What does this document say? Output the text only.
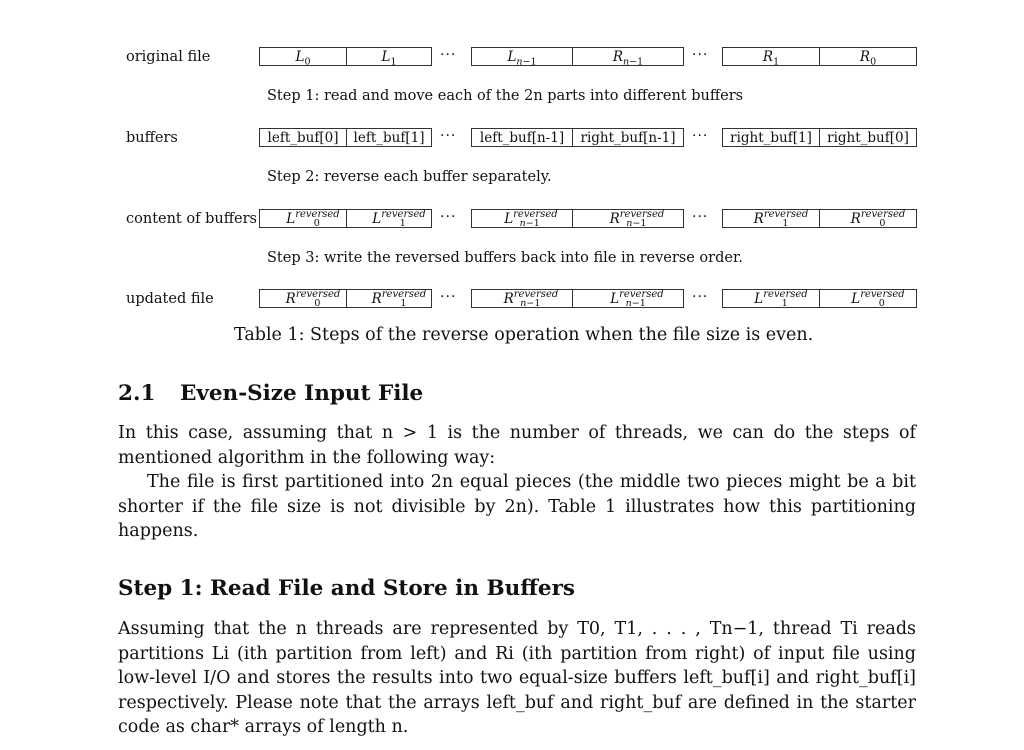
original file	$L_0$	$L_1$	···	$L_{n-1}$	$R_{n-1}$	···	$R_1$	$R_0$
Step 1: read and move each of the 2n parts into different buffers
buffers	left_buf[0]	left_buf[1]	···	left_buf[n-1]	right_buf[n-1]	···	right_buf[1]	right_buf[0]
Step 2: reverse each buffer separately.
content of buffers	$L^{reversed}_0$	$L^{reversed}_1$	···	$L^{reversed}_{n-1}$	$R^{reversed}_{n-1}$	···	$R^{reversed}_1$	$R^{reversed}_0$
Step 3: write the reversed buffers back into file in reverse order.
updated file	$R^{reversed}_0$	$R^{reversed}_1$	···	$R^{reversed}_{n-1}$	$L^{reversed}_{n-1}$	···	$L^{reversed}_1$	$L^{reversed}_0$
Table 1: Steps of the reverse operation when the file size is even.
2.1 Even-Size Input File
In this case, assuming that n > 1 is the number of threads, we can do the steps of mentioned algorithm in the following way:
The file is first partitioned into 2n equal pieces (the middle two pieces might be a bit shorter if the file size is not divisible by 2n). Table 1 illustrates how this partitioning happens.
Step 1: Read File and Store in Buffers
Assuming that the n threads are represented by T0, T1, . . . , Tn−1, thread Ti reads partitions Li (ith partition from left) and Ri (ith partition from right) of input file using low-level I/O and stores the results into two equal-size buffers left_buf[i] and right_buf[i] respectively. Please note that the arrays left_buf and right_buf are defined in the starter code as char* arrays of length n.
